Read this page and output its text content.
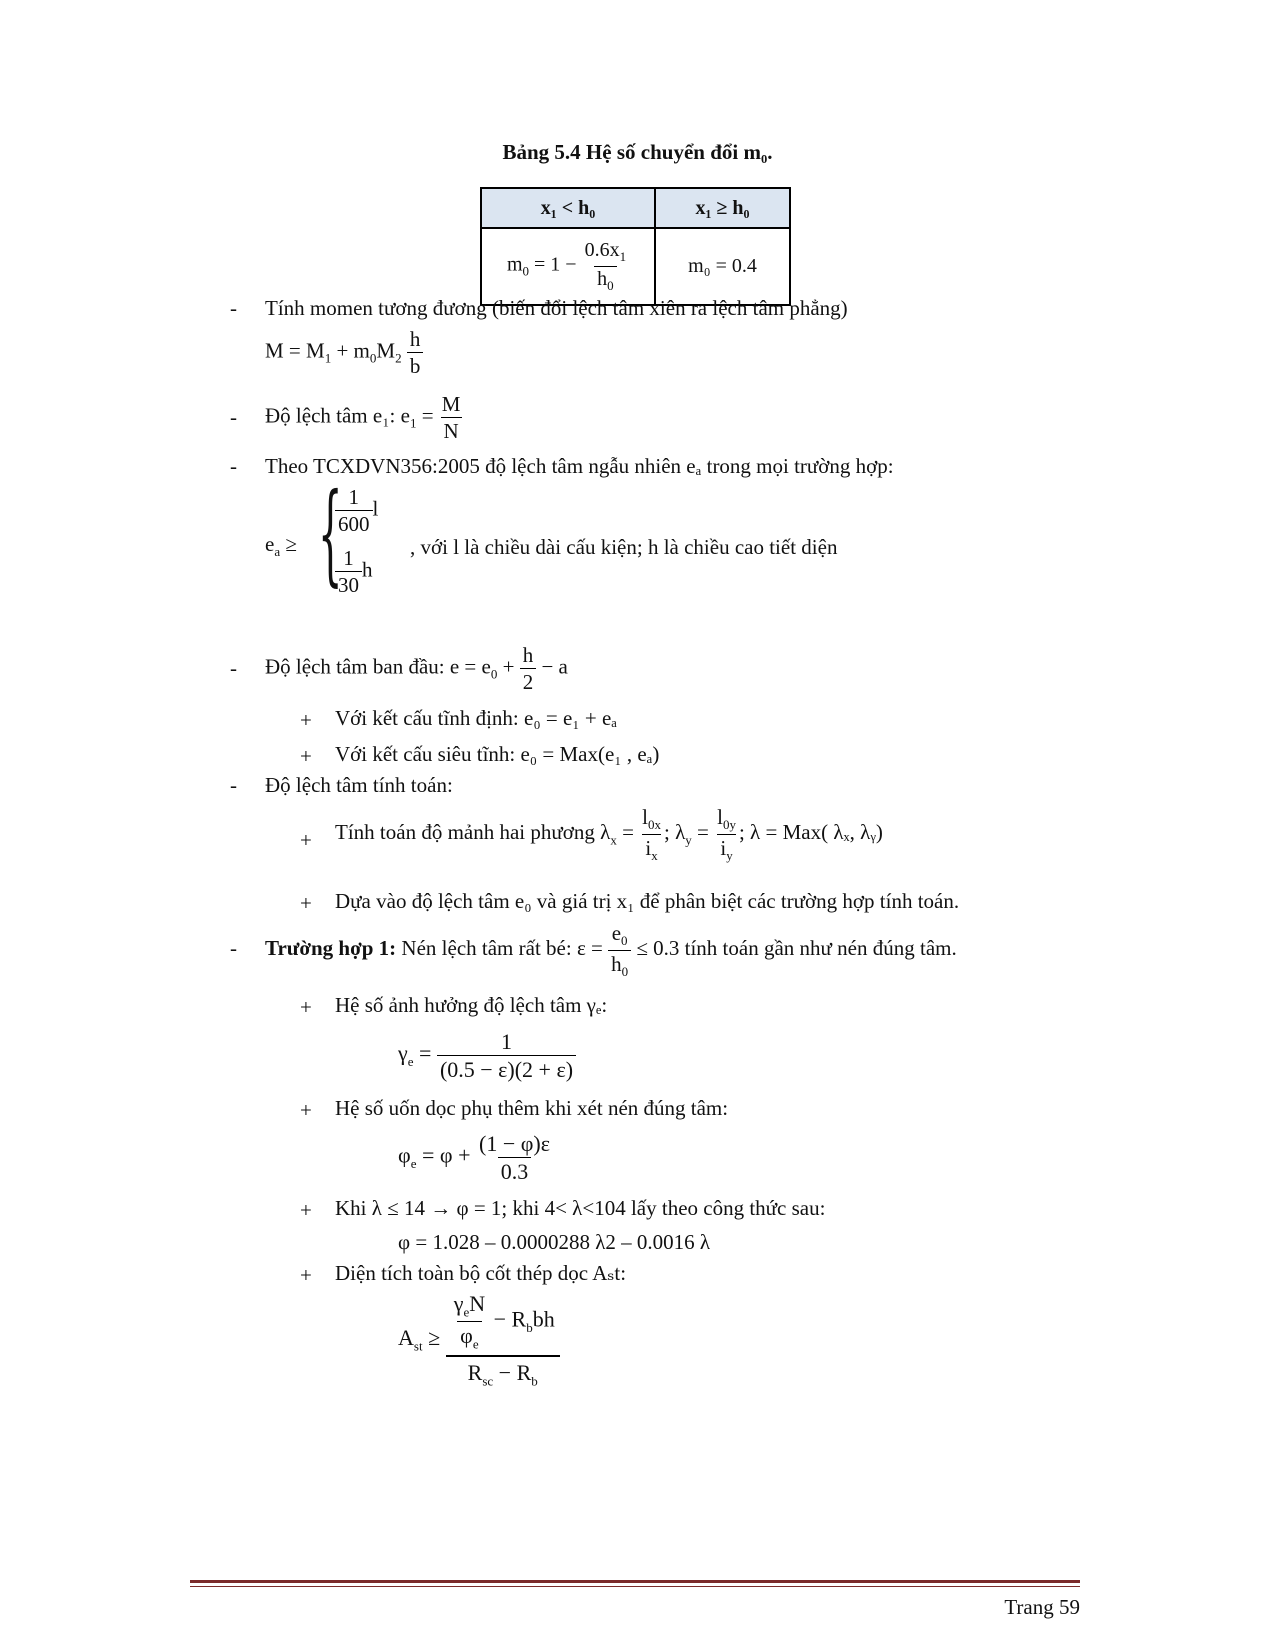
Bảng 5.4 Hệ số chuyển đổi m₀.
x₁ < h₀	x₁ ≥ h₀
$m_0 = 1 - \frac{0.6x_1}{h_0}$	m₀ = 0.4
- Tính momen tương đương (biến đổi lệch tâm xiên ra lệch tâm phẳng)
$M = M_1 + m_0M_2 \frac{h}{b}$
- Độ lệch tâm e₁: $e_1 = \frac{M}{N}$
- Theo TCXDVN356:2005 độ lệch tâm ngẫu nhiên eₐ trong mọi trường hợp:
$e_a$ ≥ {
$\frac{1}{600}$ l
$\frac{1}{30}$ h
, với l là chiều dài cấu kiện; h là chiều cao tiết diện
- Độ lệch tâm ban đầu: $e = e_0 + \frac{h}{2} - a$
+ Với kết cấu tĩnh định: e₀ = e₁ + eₐ
+ Với kết cấu siêu tĩnh: e₀ = Max(e₁ , eₐ)
- Độ lệch tâm tính toán:
+ Tính toán độ mảnh hai phương $\lambda_x = \frac{l_{0x}}{i_x}$ ; $\lambda_y = \frac{l_{0y}}{i_y}$ ; λ = Max( λₓ, λᵧ)
+ Dựa vào độ lệch tâm e₀ và giá trị x₁ để phân biệt các trường hợp tính toán.
- Trường hợp 1: Nén lệch tâm rất bé: $\varepsilon = \frac{e_0}{h_0} \le 0.3$ tính toán gần như nén đúng tâm.
+ Hệ số ảnh hưởng độ lệch tâm γₑ:
$\gamma_e = \frac{1}{(0.5 - \varepsilon)(2 + \varepsilon)}$
+ Hệ số uốn dọc phụ thêm khi xét nén đúng tâm:
$\varphi_e = \varphi + \frac{(1 - \varphi)\varepsilon}{0.3}$
+ Khi λ ≤ 14 → φ = 1; khi 4< λ<104 lấy theo công thức sau:
φ = 1.028 – 0.0000288 λ2 – 0.0016 λ
+ Diện tích toàn bộ cốt thép dọc Aₛt:
$A_{st} \ge \frac{\frac{\gamma_eN}{\varphi_e} - R_bbh}{R_{sc} - R_b}$
Trang 59
